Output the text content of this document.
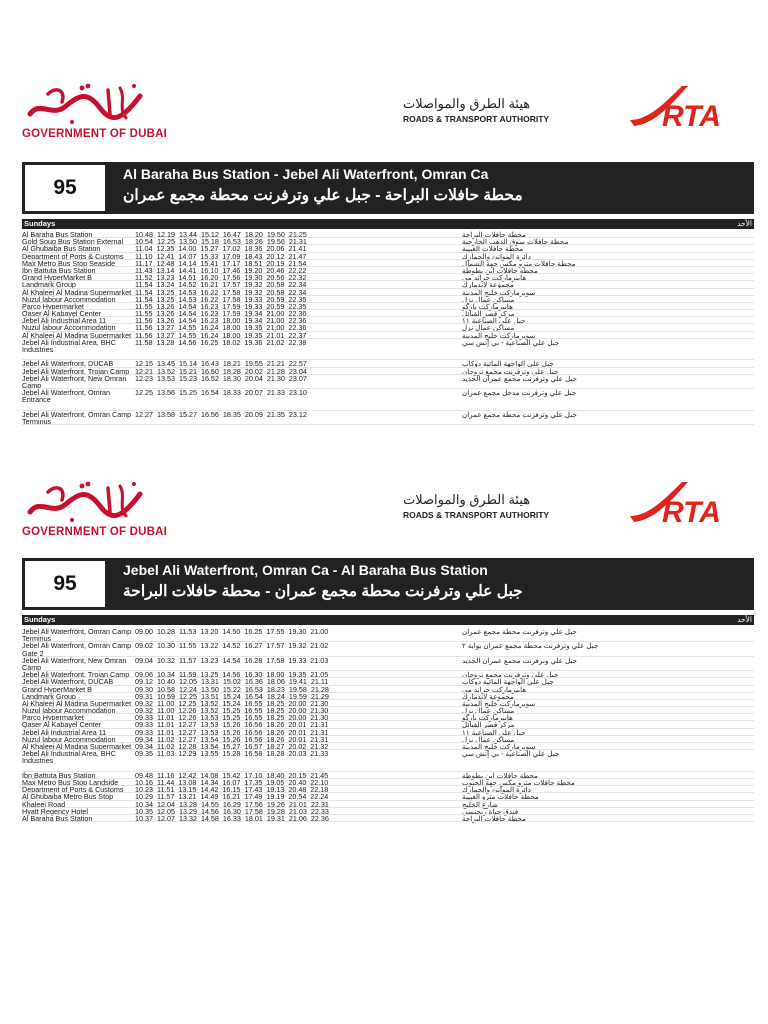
GOVERNMENT OF DUBAI
هيئة الطرق والمواصلات
ROADS & TRANSPORT AUTHORITY	RTA
95
Al Baraha Bus Station - Jebel Ali Waterfront, Omran Ca
محطة حافلات البراحة - جبل علي وترفرنت محطة مجمع عمران
Sundays	الأحد
Al Baraha Bus Station	10.48  12.19  13.44  15.12  16.47  18.20  19.50  21.25	محطة حافلات البراحة
Gold Souq Bus Station External	10.54  12.25  13.50  15.18  16.53  18.26  19.56  21.31	محطة حافلات سوق الذهب الخارجية
Al Ghubaiba Bus Station	11.04  12.35  14.00  15.27  17.02  18.36  20.06  21.41	محطة حافلات الغبيبة
Department of Ports & Customs	11.10  12.41  14.07  15.33  17.09  18.43  20.12  21.47	دائرة الموانئ والجمارك
Max Metro Bus Stop Seaside	11.17  12.48  14.14  15.41  17.17  18.51  20.19  21.54	محطة حافلات مترو مكس جهة الشمال
Ibn Battuta Bus Station	11.43  13.14  14.41  16.10  17.46  19.20  20.46  22.22	محطة حافلات ابن بطوطة
Grand HyperMarket B	11.52  13.23  14.51  16.20  17.56  19.30  20.56  22.32	هايبرماركت جراند مي
Landmark Group	11.54  13.24  14.52  16.21  17.57  19.32  20.58  22.34	مجموعة لاندمارك
Al Khaleej Al Madina Supermarket 11.54  13.25  14.53  16.22  17.58  19.32  20.58  22.34	سوبرماركت خليج المدينة
Nuzul labour Accommodation	11.54  13.25  14.53  16.22  17.58  19.33  20.59  22.35	مساكن عمال نزل
Parco Hypermarket	11.55  13.26  14.54  16.23  17.59  19.33  20.59  22.35	هايبرماركت باركو
Qaser Al Kabayel Center	11.55  13.26  14.54  16.23  17.59  19.34  21.00  22.36	مركز قصر القبائل
Jebel Ali Industrial Area 11	11.56  13.26  14.54  16.23  18.00  19.34  21.00  22.36	جبل علي الصناعية ١١
Nuzul labour Accommodation	11.56  13.27  14.55  16.24  18.00  19.35  21.00  22.36	مساكن عمال نزل
Al Khaleej Al Madina Supermarket 11.56  13.27  14.55  16.24  18.00  19.35  21.01  22.37	سوبرماركت خليج المدينة
Jebel Ali Industrial Area, BHC Industries
11.58  13.28  14.56  16.25  18.02  19.36  21.02  22.38	جبل علي الصناعية - بي إتش سي
Jebel Ali Waterfront, DUCAB	12.15  13.45  15.14  16.43  18.21  19.55  21.21  22.57	جبل علي الواجهة المائية دوكاب
Jebel Ali Waterfront, Trojan Camp 12.21  13.52  15.21  16.50  18.28  20.02  21.28  23.04	جبل علي وترفرنت مجمع تروجان
Jebel Ali Waterfront, New Omran Camp
12.23  13.53  15.23  16.52  18.30  20.04  21.30  23.07	جبل علي وترفرنت مجمع عمران الجديد
Jebel Ali Waterfront, Omran Entrance
12.25  13.56  15.25  16.54  18.33  20.07  21.33  23.10	جبل علي وترفرنت مدخل مجمع عمران
Jebel Ali Waterfront, Omran Camp Terminus
12.27  13.58  15.27  16.56  18.35  20.09  21.35  23.12	جبل علي وترفرنت محطة مجمع عمران
GOVERNMENT OF DUBAI
هيئة الطرق والمواصلات
ROADS & TRANSPORT AUTHORITY	RTA
95
Jebel Ali Waterfront, Omran Ca - Al Baraha Bus Station
جبل علي وترفرنت محطة مجمع عمران - محطة حافلات البراحة
Sundays	الأحد
Jebel Ali Waterfront, Omran Camp Terminus
09.00  10.28  11.53  13.20  14.50  16.25  17.55  19.30  21.00	جبل علي وترفرنت محطة مجمع عمران
Jebel Ali Waterfront, Omran Camp Gate 2
09.02  10.30  11.55  13.22  14.52  16.27  17.57  19.32  21.02	جبل علي وترفرنت محطة مجمع عمران بوابة ٢
Jebel Ali Waterfront, New Omran Camp
09.04  10.32  11.57  13.23  14.54  16.28  17.58  19.33  21.03	جبل علي وترفرنت مجمع عمران الجديد
Jebel Ali Waterfront, Trojan Camp 09.06  10.34  11.59  13.25  14.56  16.30  18.00  19.35  21.05	جبل علي وترفرنت مجمع تروجان
Jebel Ali Waterfront, DUCAB	09.12  10.40  12.05  13.31  15.02  16.36  18.06  19.41  21.11	جبل علي الواجهة المائية دوكاب
Grand HyperMarket B	09.30  10.58  12.24  13.50  15.22  16.53  18.23  19.58  21.28	هايبرماركت جراند مي
Landmark Group	09.31  10.59  12.25  13.51  15.24  16.54  18.24  19.59  21.29	مجموعة لاندمارك
Al Khaleej Al Madina Supermarket 09.32  11.00  12.25  13.52  15.24  16.55  18.25  20.00  21.30	سوبرماركت خليج المدينة
Nuzul labour Accommodation	09.32  11.00  12.26  13.52  15.25  16.55  18.25  20.00  21.30	مساكن عمال نزل
Parco Hypermarket	09.33  11.01  12.26  13.53  15.25  16.55  18.25  20.00  21.30	هايبرماركت باركو
Qaser Al Kabayel Center	09.33  11.01  12.27  13.53  15.26  16.56  18.26  20.01  21.31	مركز قصر القبائل
Jebel Ali Industrial Area 11	09.33  11.01  12.27  13.53  15.26  16.56  18.26  20.01  21.31	جبل علي الصناعية ١١
Nuzul labour Accommodation	09.34  11.02  12.27  13.54  15.26  16.56  18.26  20.01  21.31	مساكن عمال نزل
Al Khaleej Al Madina Supermarket 09.34  11.02  12.28  13.54  15.27  16.57  18.27  20.02  21.32	سوبرماركت خليج المدينة
Jebel Ali Industrial Area, BHC Industries
09.35  11.03  12.29  13.55  15.28  16.58  18.28  20.03  21.33	جبل علي الصناعية - بي إتش سي
Ibn Battuta Bus Station	09.48  11.16  12.42  14.08  15.42  17.10  18.40  20.15  21.45	محطة حافلات ابن بطوطة
Max Metro Bus Stop Landside	10.16  11.44  13.08  14.34  16.07  17.35  19.05  20.40  22.10	محطة حافلات مترو مكس جهة الجنوب
Department of Ports & Customs	10.23  11.51  13.15  14.42  16.15  17.43  19.13  20.48  22.18	دائرة الموانئ والجمارك
Al Ghubaiba Metro Bus Stop	10.29  11.57  13.21  14.49  16.21  17.49  19.19  20.54  22.24	محطة حافلات مترو الغبيبة
Khaleej Road	10.34  12.04  13.28  14.55  16.29  17.56  19.26  21.01  22.31	شارع الخليج
Hyatt Regency Hotel	10.35  12.05  13.29  14.56  16.30  17.58  19.28  21.03  22.33	فندق حياة ريجنسي
Al Baraha Bus Station	10.37  12.07  13.32  14.58  16.33  18.01  19.31  21.06  22.36	محطة حافلات البراحة
